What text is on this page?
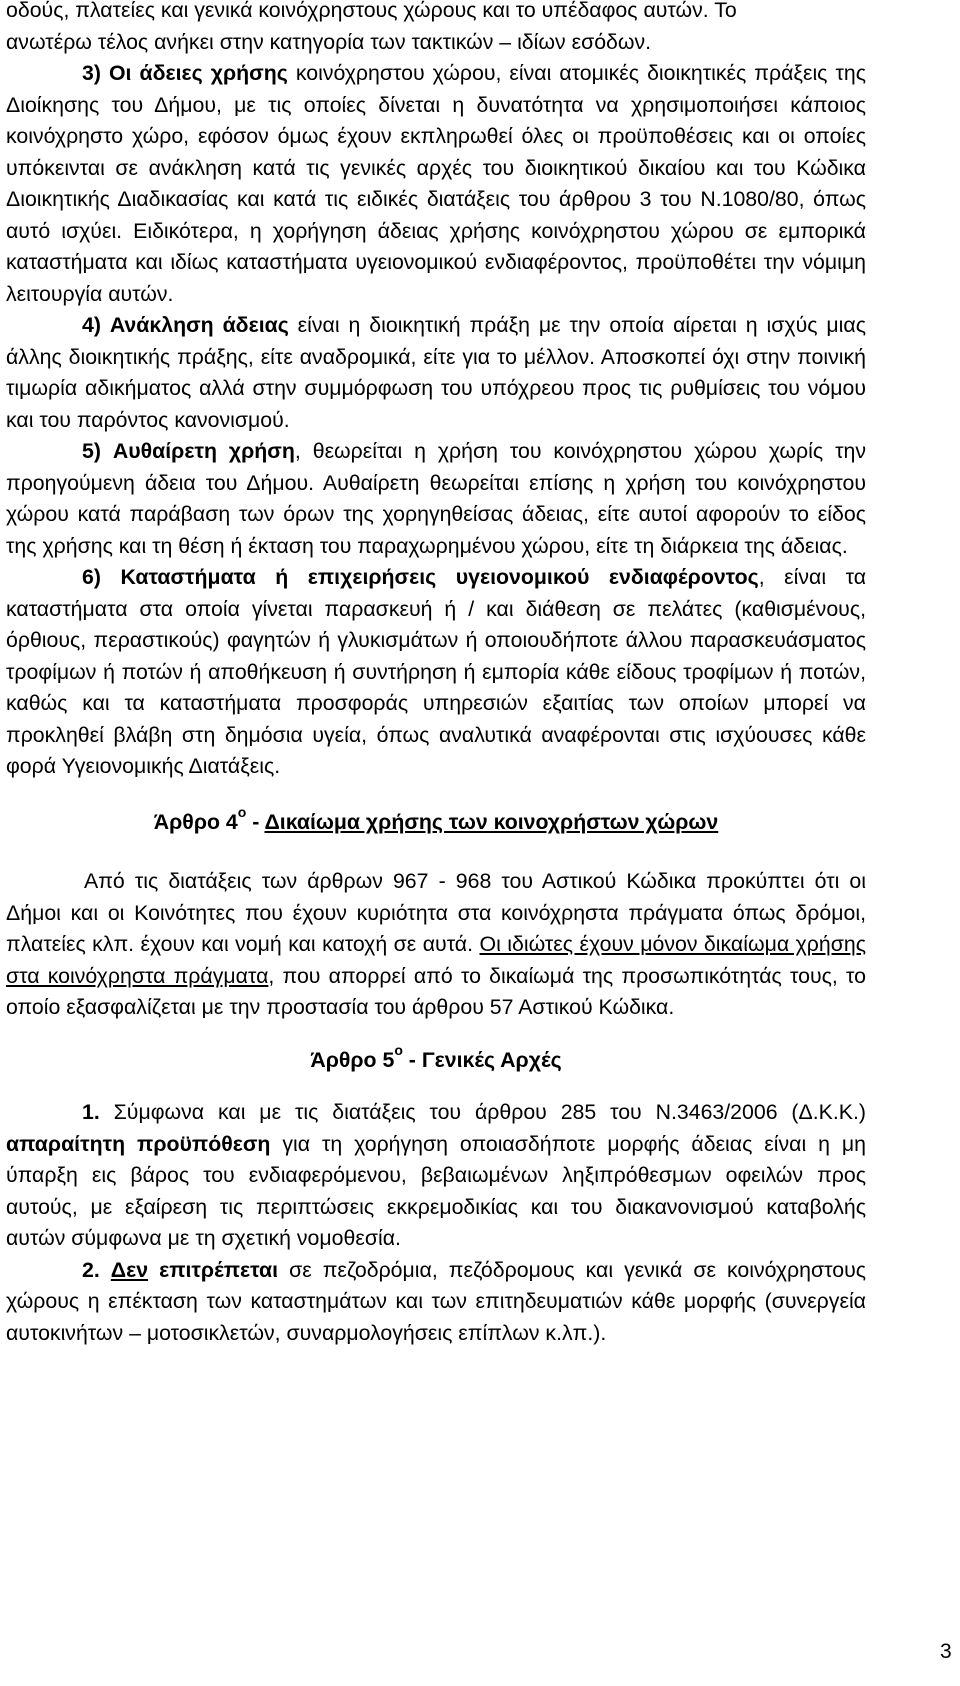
οδούς, πλατείες και γενικά κοινόχρηστους χώρους και το υπέδαφος αυτών. Το
ανωτέρω τέλος ανήκει στην κατηγορία των τακτικών – ιδίων εσόδων.

3) Οι άδειες χρήσης κοινόχρηστου χώρου, είναι ατομικές διοικητικές πράξεις της Διοίκησης του Δήμου, με τις οποίες δίνεται η δυνατότητα να χρησιμοποιήσει κάποιος κοινόχρηστο χώρο, εφόσον όμως έχουν εκπληρωθεί όλες οι προϋποθέσεις και οι οποίες υπόκεινται σε ανάκληση κατά τις γενικές αρχές του διοικητικού δικαίου και του Κώδικα Διοικητικής Διαδικασίας και κατά τις ειδικές διατάξεις του άρθρου 3 του Ν.1080/80, όπως αυτό ισχύει. Ειδικότερα, η χορήγηση άδειας χρήσης κοινόχρηστου χώρου σε εμπορικά καταστήματα και ιδίως καταστήματα υγειονομικού ενδιαφέροντος, προϋποθέτει την νόμιμη λειτουργία αυτών.

4) Ανάκληση άδειας είναι η διοικητική πράξη με την οποία αίρεται η ισχύς μιας άλλης διοικητικής πράξης, είτε αναδρομικά, είτε για το μέλλον. Αποσκοπεί όχι στην ποινική τιμωρία αδικήματος αλλά στην συμμόρφωση του υπόχρεου προς τις ρυθμίσεις του νόμου και του παρόντος κανονισμού.

5) Αυθαίρετη χρήση, θεωρείται η χρήση του κοινόχρηστου χώρου χωρίς την προηγούμενη άδεια του Δήμου. Αυθαίρετη θεωρείται επίσης η χρήση του κοινόχρηστου χώρου κατά παράβαση των όρων της χορηγηθείσας άδειας, είτε αυτοί αφορούν το είδος της χρήσης και τη θέση ή έκταση του παραχωρημένου χώρου, είτε τη διάρκεια της άδειας.

6) Καταστήματα ή επιχειρήσεις υγειονομικού ενδιαφέροντος, είναι τα καταστήματα στα οποία γίνεται παρασκευή ή / και διάθεση σε πελάτες (καθισμένους, όρθιους, περαστικούς) φαγητών ή γλυκισμάτων ή οποιουδήποτε άλλου παρασκευάσματος τροφίμων ή ποτών ή αποθήκευση ή συντήρηση ή εμπορία κάθε είδους τροφίμων ή ποτών, καθώς και τα καταστήματα προσφοράς υπηρεσιών εξαιτίας των οποίων μπορεί να προκληθεί βλάβη στη δημόσια υγεία, όπως αναλυτικά αναφέρονται στις ισχύουσες κάθε φορά Υγειονομικής Διατάξεις.

Άρθρο $4^o$ - Δικαίωμα χρήσης των κοινοχρήστων χώρων

Από τις διατάξεις των άρθρων 967 - 968 του Αστικού Κώδικα προκύπτει ότι οι Δήμοι και οι Κοινότητες που έχουν κυριότητα στα κοινόχρηστα πράγματα όπως δρόμοι, πλατείες κλπ. έχουν και νομή και κατοχή σε αυτά. Οι ιδιώτες έχουν μόνον δικαίωμα χρήσης στα κοινόχρηστα πράγματα, που απορρεί από το δικαίωμά της προσωπικότητάς τους, το οποίο εξασφαλίζεται με την προστασία του άρθρου 57 Αστικού Κώδικα.

Άρθρο $5^o$ - Γενικές Αρχές

1. Σύμφωνα και με τις διατάξεις του άρθρου 285 του Ν.3463/2006 (Δ.Κ.Κ.) απαραίτητη προϋπόθεση για τη χορήγηση οποιασδήποτε μορφής άδειας είναι η μη ύπαρξη εις βάρος του ενδιαφερόμενου, βεβαιωμένων ληξιπρόθεσμων οφειλών προς αυτούς, με εξαίρεση τις περιπτώσεις εκκρεμοδικίας και του διακανονισμού καταβολής αυτών σύμφωνα με τη σχετική νομοθεσία.

2. Δεν επιτρέπεται σε πεζοδρόμια, πεζόδρομους και γενικά σε κοινόχρηστους χώρους η επέκταση των καταστημάτων και των επιτηδευματιών κάθε μορφής (συνεργεία αυτοκινήτων – μοτοσικλετών, συναρμολογήσεις επίπλων κ.λπ.).

3
